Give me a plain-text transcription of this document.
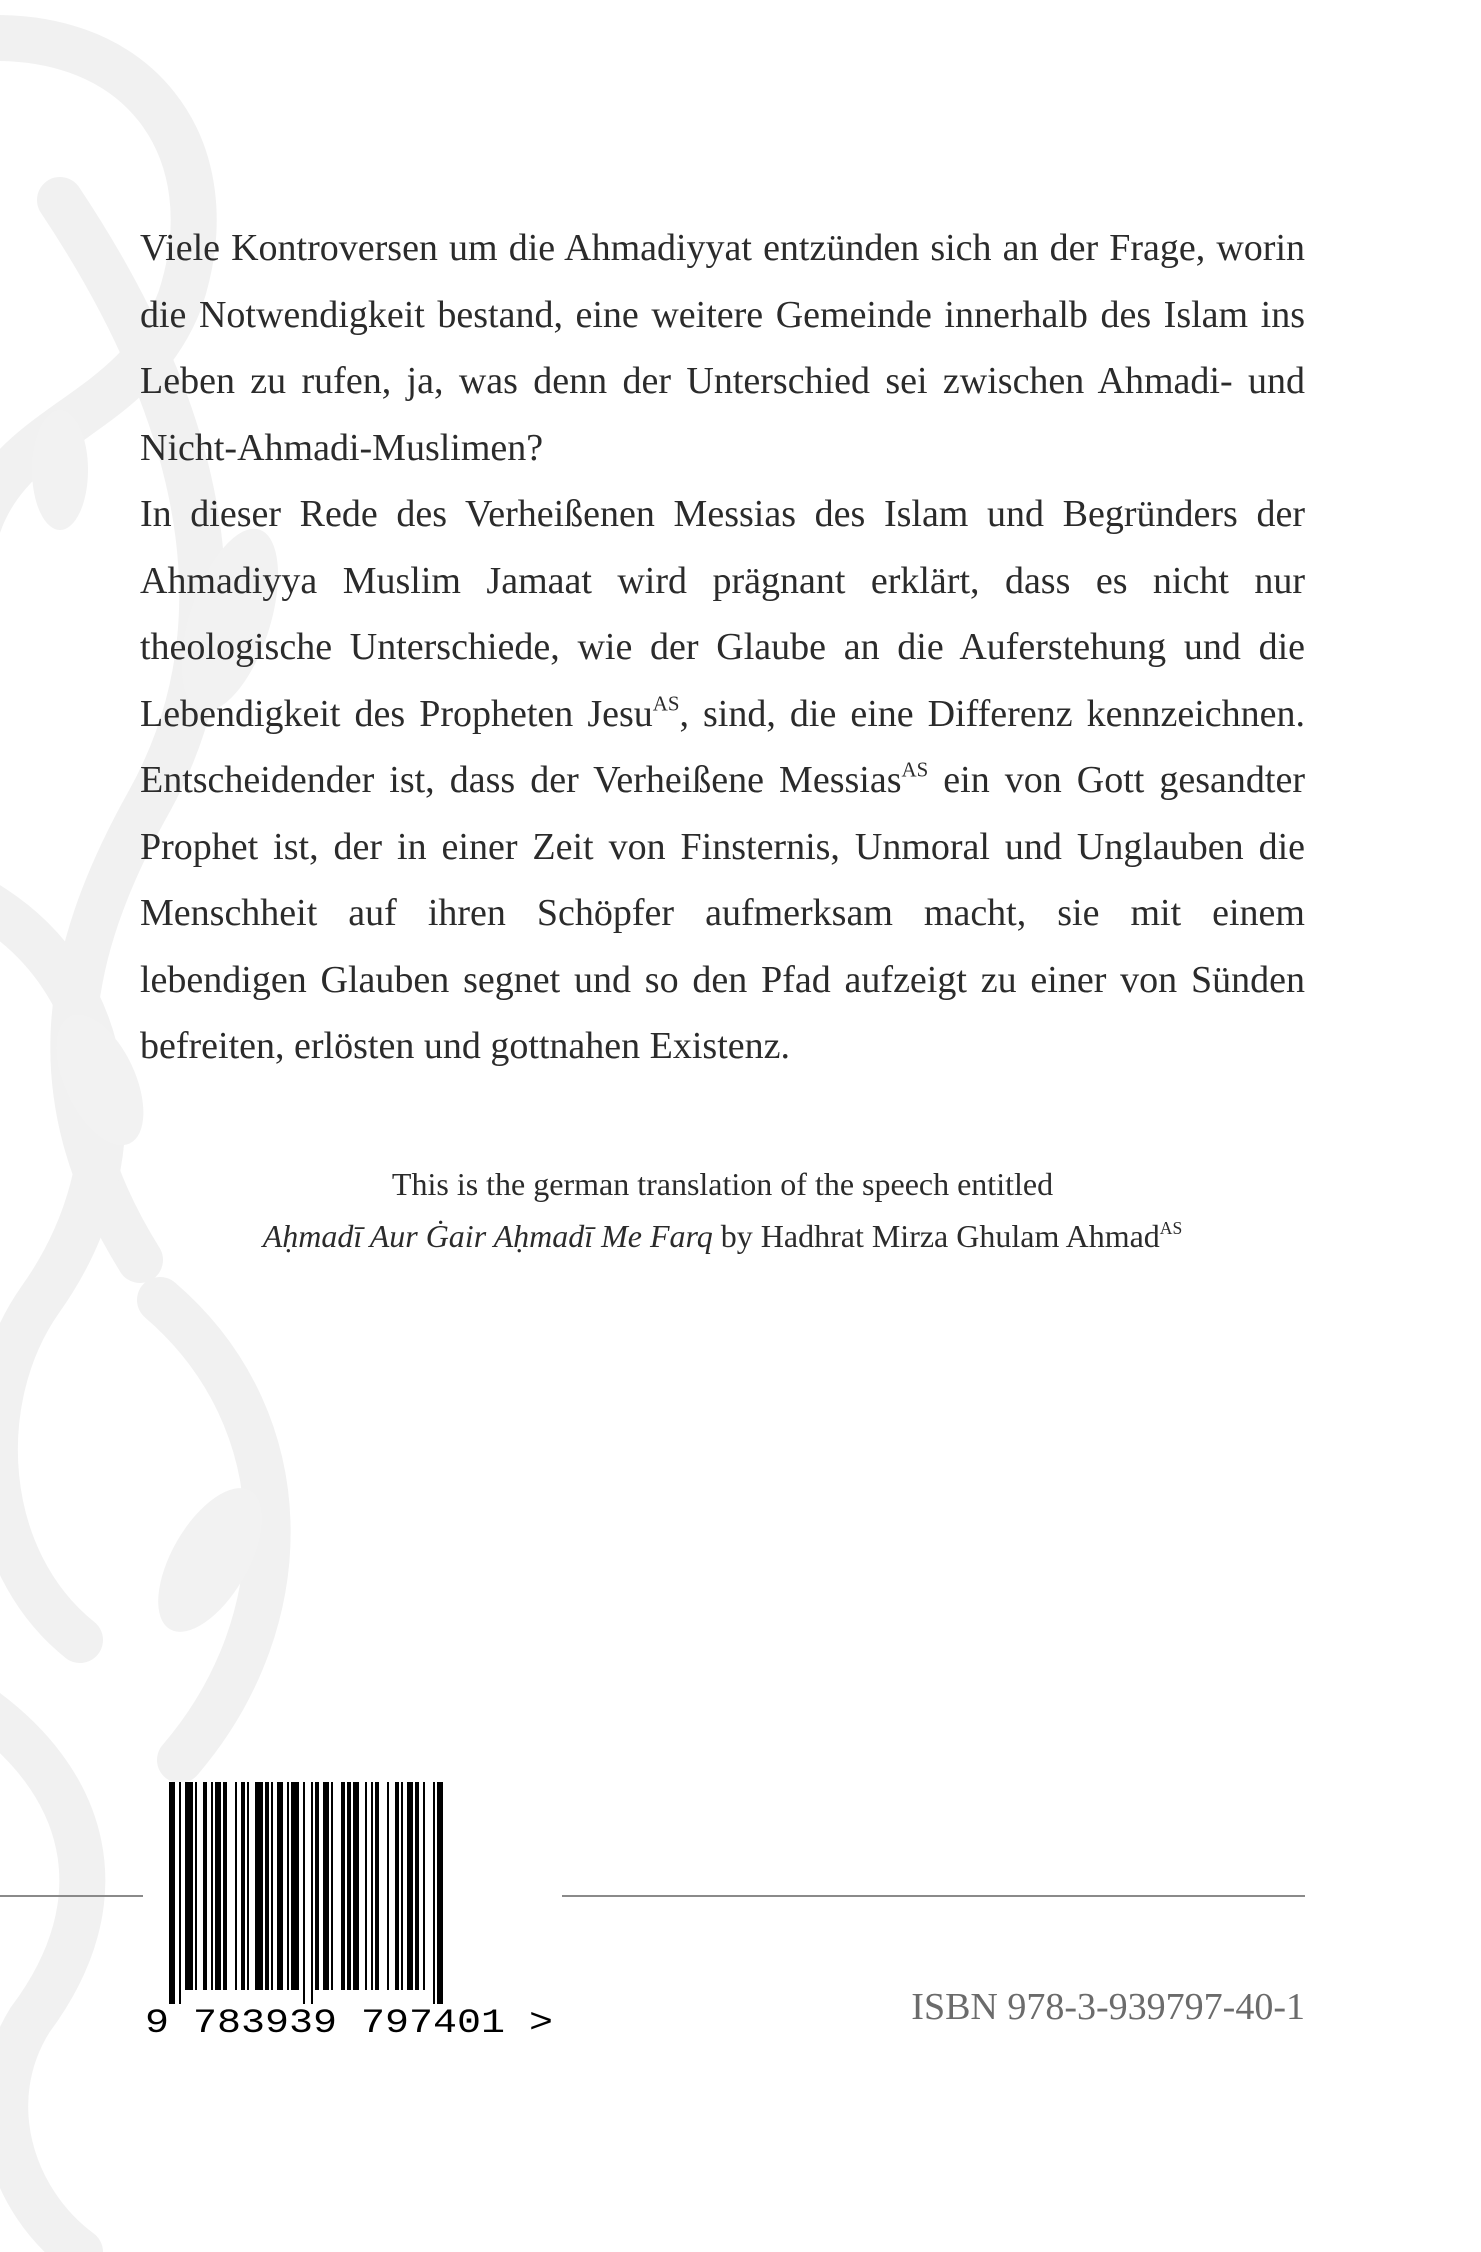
Viele Kontroversen um die Ahmadiyyat entzünden sich an der Frage, worin die Notwendigkeit bestand, eine weitere Gemeinde innerhalb des Islam ins Leben zu rufen, ja, was denn der Unterschied sei zwischen Ahmadi- und Nicht-Ahmadi-Muslimen?

In dieser Rede des Verheißenen Messias des Islam und Begründers der Ahmadiyya Muslim Jamaat wird prägnant erklärt, dass es nicht nur theologische Unterschiede, wie der Glaube an die Auferstehung und die Lebendigkeit des Propheten Jesu$^{AS}$, sind, die eine Differenz kennzeichnen. Entscheidender ist, dass der Verheißene Messias$^{AS}$ ein von Gott gesandter Prophet ist, der in einer Zeit von Finsternis, Unmoral und Unglauben die Menschheit auf ihren Schöpfer aufmerksam macht, sie mit einem lebendigen Glauben segnet und so den Pfad aufzeigt zu einer von Sünden befreiten, erlösten und gottnahen Existenz.

This is the german translation of the speech entitled
Aḥmadī Aur Ġair Aḥmadī Me Farq by Hadhrat Mirza Ghulam Ahmad$^{AS}$
9 783939 797401 >	ISBN 978-3-939797-40-1
